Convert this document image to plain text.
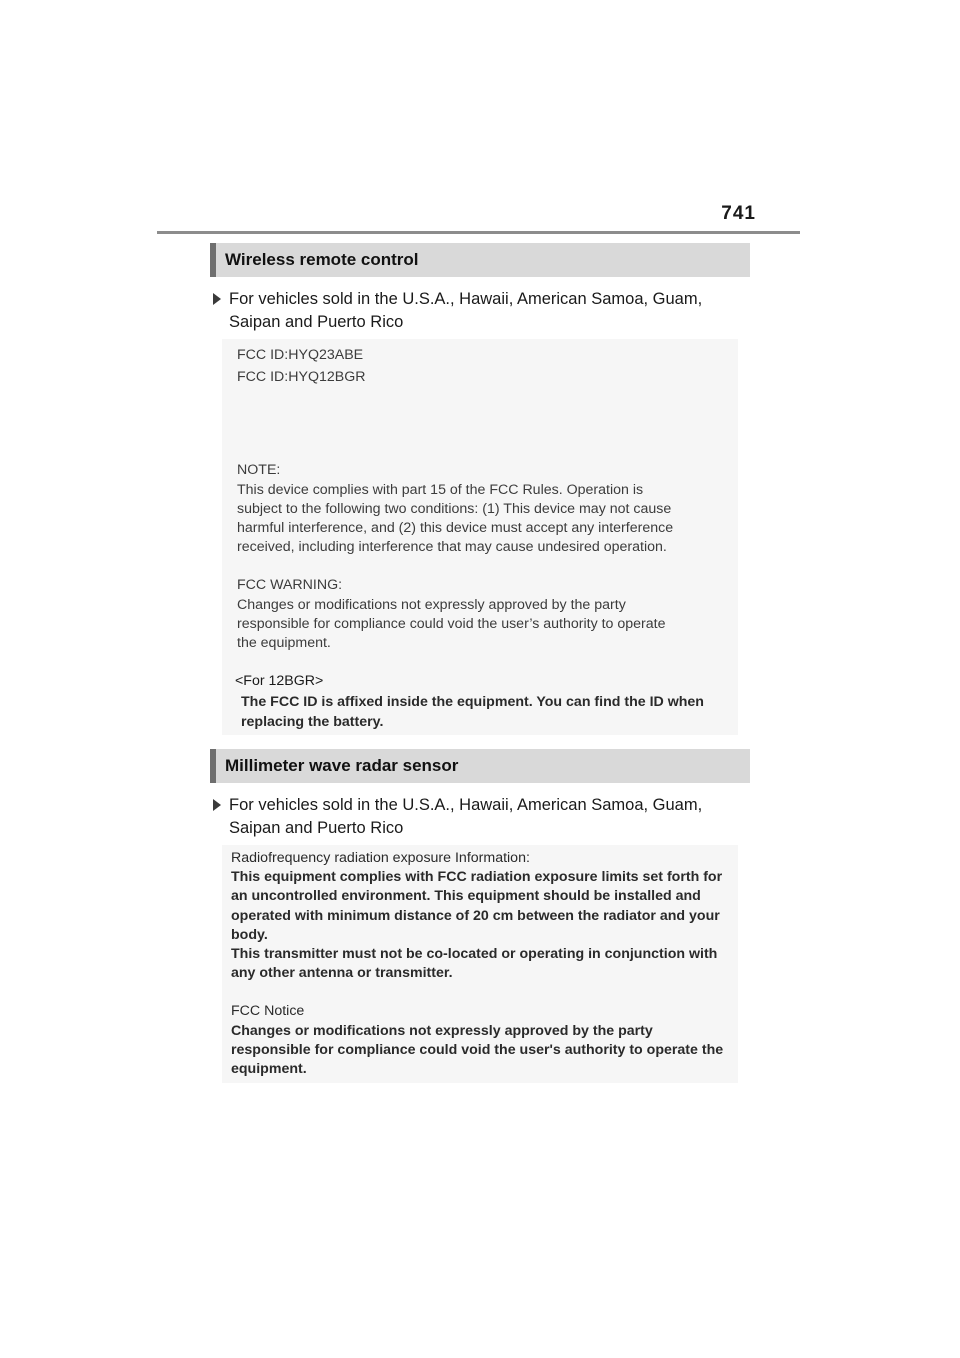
741
Wireless remote control
For vehicles sold in the U.S.A., Hawaii, American Samoa, Guam, Saipan and Puerto Rico
FCC ID:HYQ23ABE
FCC ID:HYQ12BGR
NOTE:
This device complies with part 15 of the FCC Rules. Operation is
subject to the following two conditions: (1) This device may not cause
harmful interference, and (2) this device must accept any interference
received, including interference that may cause undesired operation.
FCC WARNING:
Changes or modifications not expressly approved by the party
responsible for compliance could void the user’s authority to operate
the equipment.
<For 12BGR>
The FCC ID is affixed inside the equipment. You can find the ID when
replacing the battery.
Millimeter wave radar sensor
For vehicles sold in the U.S.A., Hawaii, American Samoa, Guam, Saipan and Puerto Rico
Radiofrequency radiation exposure Information:
This equipment complies with FCC radiation exposure limits set forth for
an uncontrolled environment. This equipment should be installed and
operated with minimum distance of 20 cm between the radiator and your
body.
This transmitter must not be co-located or operating in conjunction with
any other antenna or transmitter.
FCC Notice
Changes or modifications not expressly approved by the party
responsible for compliance could void the user's authority to operate the
equipment.
